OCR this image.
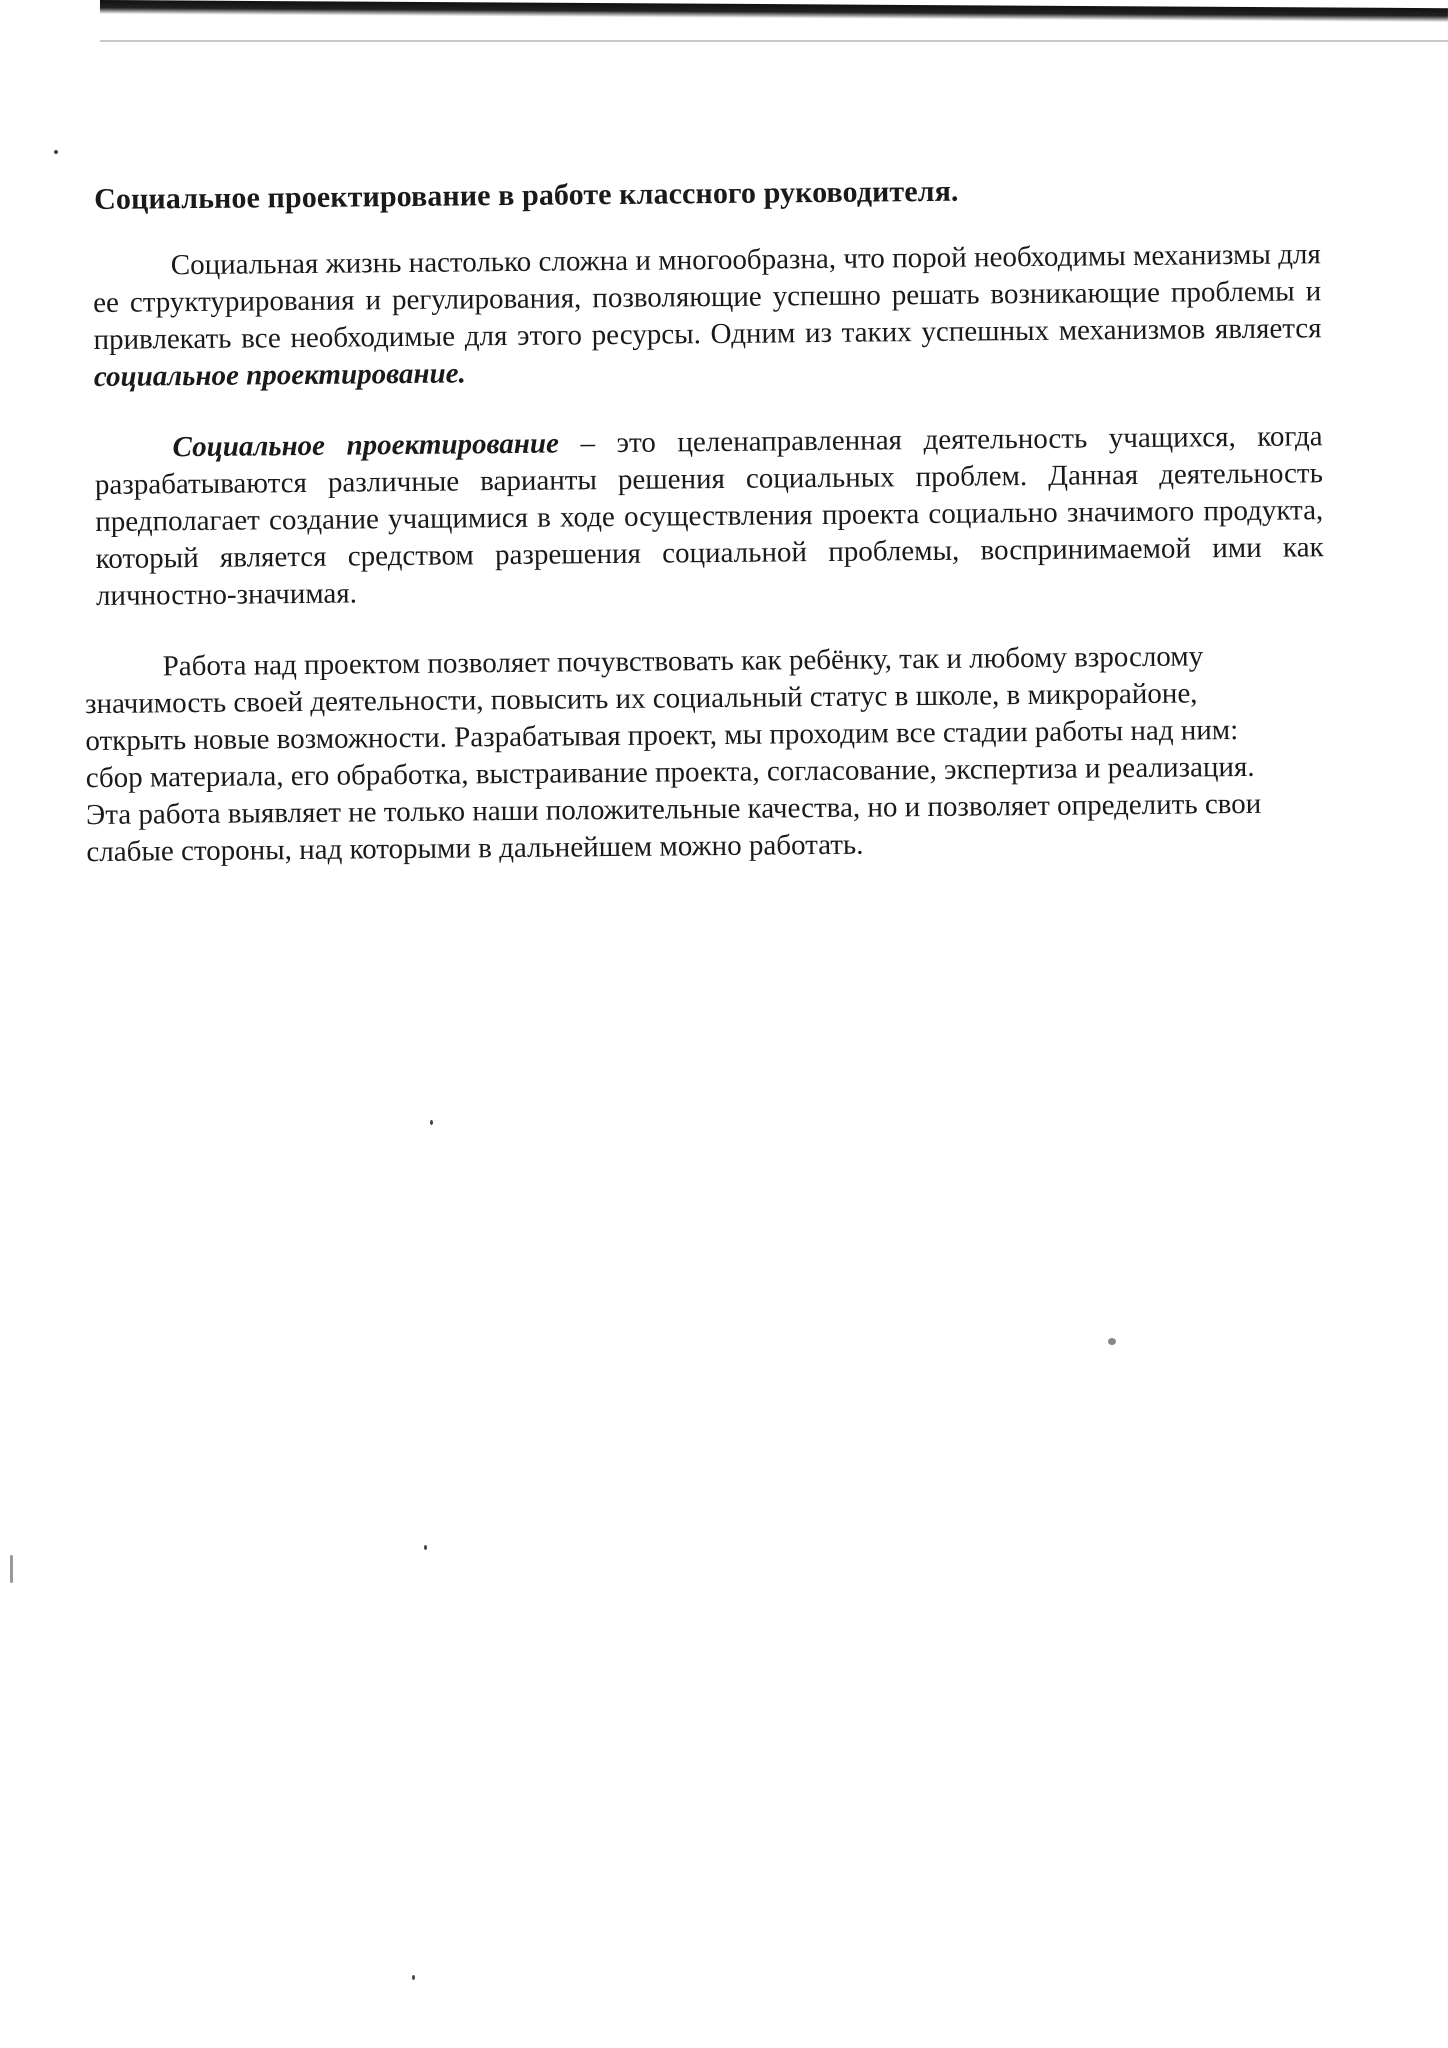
Социальное проектирование в работе классного руководителя.

Социальная жизнь настолько сложна и многообразна, что порой необходимы механизмы для ее структурирования и регулирования, позволяющие успешно решать возникающие проблемы и привлекать все необходимые для этого ресурсы. Одним из таких успешных механизмов является социальное проектирование.

Социальное проектирование – это целенаправленная деятельность учащихся, когда разрабатываются различные варианты решения социальных проблем. Данная деятельность предполагает создание учащимися в ходе осуществления проекта социально значимого продукта, который является средством разрешения социальной проблемы, воспринимаемой ими как личностно-значимая.

Работа над проектом позволяет почувствовать как ребёнку, так и любому взрослому значимость своей деятельности, повысить их социальный статус в школе, в микрорайоне, открыть новые возможности. Разрабатывая проект, мы проходим все стадии работы над ним: сбор материала, его обработка, выстраивание проекта, согласование, экспертиза и реализация. Эта работа выявляет не только наши положительные качества, но и позволяет определить свои слабые стороны, над которыми в дальнейшем можно работать.
